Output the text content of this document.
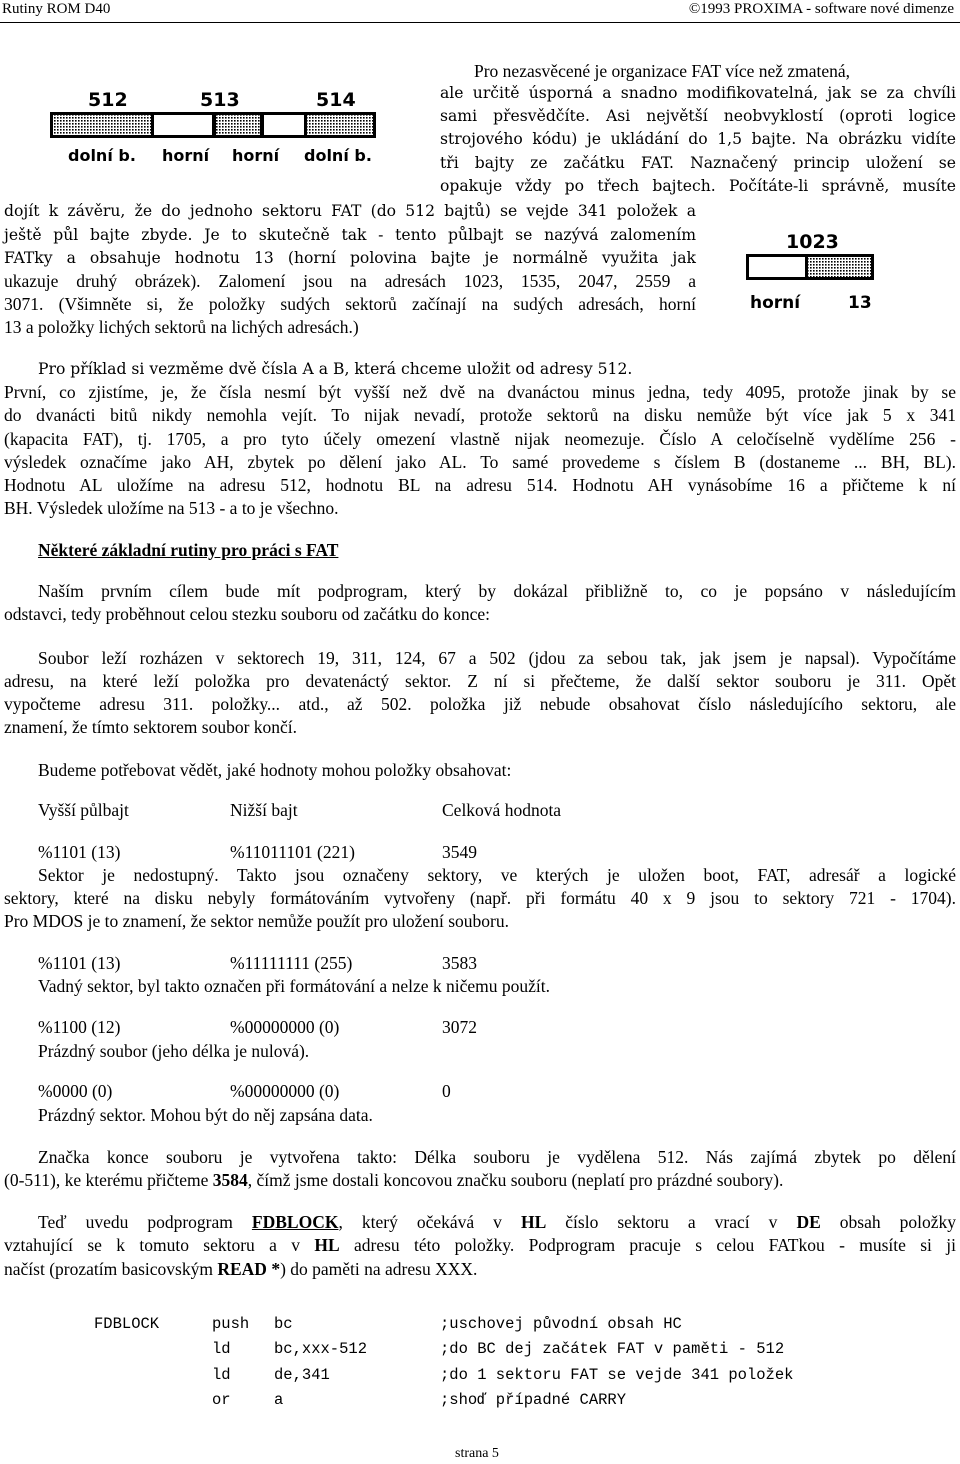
Rutiny ROM D40	©1993 PROXIMA - software nové dimenze
512	513	514
dolní b. horní horní dolní b.
1023
horní	13

Pro nezasvěcené je organizace FAT více než zmatená,

ale určitě úsporná a snadno modifikovatelná, jak se za chvíli

sami přesvědčíte. Asi největší neobvyklostí (oproti logice

strojového kódu) je ukládání do 1,5 bajte. Na obrázku vidíte

tři bajty ze začátku FAT. Naznačený princip uložení se

opakuje vždy po třech bajtech. Počítáte-li správně, musíte

dojít k závěru, že do jednoho sektoru FAT (do 512 bajtů) se vejde 341 položek a

ještě půl bajte zbyde. Je to skutečně tak - tento půlbajt se nazývá zalomením

FATky a obsahuje hodnotu 13 (horní polovina bajte je normálně využita jak

ukazuje druhý obrázek). Zalomení jsou na adresách 1023, 1535, 2047, 2559 a

3071. (Všimněte si, že položky sudých sektorů začínají na sudých adresách, horní

13 a položky lichých sektorů na lichých adresách.)

Pro příklad si vezměme dvě čísla A a B, která chceme uložit od adresy 512.

První, co zjistíme, je, že čísla nesmí být vyšší než dvě na dvanáctou minus jedna, tedy 4095, protože jinak by se

do dvanácti bitů nikdy nemohla vejít. To nijak nevadí, protože sektorů na disku nemůže být více jak 5 x 341

(kapacita FAT), tj. 1705, a pro tyto účely omezení vlastně nijak neomezuje. Číslo A celočíselně vydělíme 256 -

výsledek označíme jako AH, zbytek po dělení jako AL. To samé provedeme s číslem B (dostaneme ... BH, BL).

Hodnotu AL uložíme na adresu 512, hodnotu BL na adresu 514. Hodnotu AH vynásobíme 16 a přičteme k ní

BH. Výsledek uložíme na 513 - a to je všechno.

Některé základní rutiny pro práci s FAT

Naším prvním cílem bude mít podprogram, který by dokázal přibližně to, co je popsáno v následujícím

odstavci, tedy proběhnout celou stezku souboru od začátku do konce:

Soubor leží rozházen v sektorech 19, 311, 124, 67 a 502 (jdou za sebou tak, jak jsem je napsal). Vypočítáme

adresu, na které leží položka pro devatenáctý sektor. Z ní si přečteme, že další sektor souboru je 311. Opět

vypočteme adresu 311. položky... atd., až 502. položka již nebude obsahovat číslo následujícího sektoru, ale

znamení, že tímto sektorem soubor končí.

Budeme potřebovat vědět, jaké hodnoty mohou položky obsahovat:

Vyšší půlbajt	Nižší bajt	Celková hodnota
%1101 (13)	%11011101 (221)	3549

Sektor je nedostupný. Takto jsou označeny sektory, ve kterých je uložen boot, FAT, adresář a logické

sektory, které na disku nebyly formátováním vytvořeny (např. při formátu 40 x 9 jsou to sektory 721 - 1704).

Pro MDOS je to znamení, že sektor nemůže použít pro uložení souboru.

%1101 (13)	%11111111 (255)	3583

Vadný sektor, byl takto označen při formátování a nelze k ničemu použít.

%1100 (12)	%00000000 (0)	3072

Prázdný soubor (jeho délka je nulová).

%0000 (0)	%00000000 (0)	0

Prázdný sektor. Mohou být do něj zapsána data.

Značka konce souboru je vytvořena takto: Délka souboru je vydělena 512. Nás zajímá zbytek po dělení

(0-511), ke kterému přičteme 3584, čímž jsme dostali koncovou značku souboru (neplatí pro prázdné soubory).

Teď uvedu podprogram FDBLOCK, který očekává v HL číslo sektoru a vrací v DE obsah položky

vztahující se k tomuto sektoru a v HL adresu této položky. Podprogram pracuje s celou FATkou - musíte si ji

načíst (prozatím basicovským READ *) do paměti na adresu XXX.

FDBLOCK	push bc	;uschovej původní obsah HC
ld	bc,xxx-512	;do BC dej začátek FAT v paměti - 512
ld	de,341	;do 1 sektoru FAT se vejde 341 položek
or	a	;shoď případné CARRY
strana 5
